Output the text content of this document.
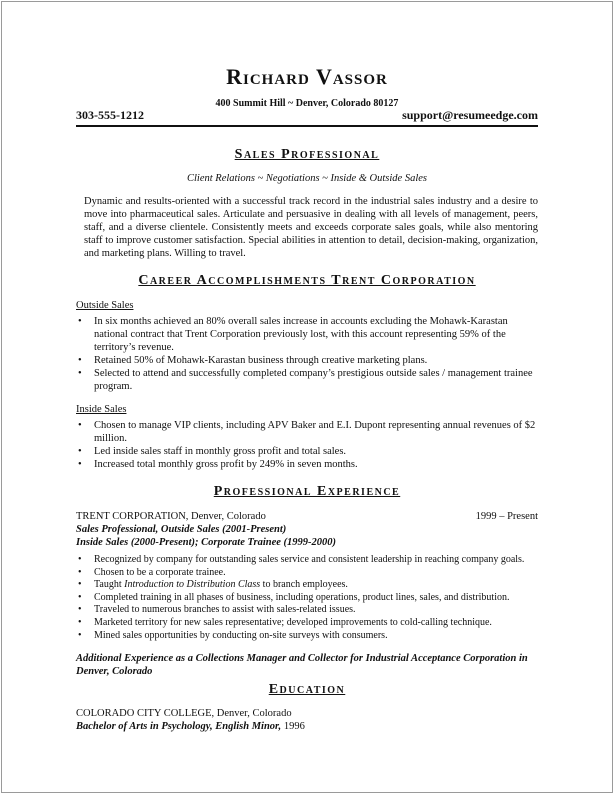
Richard Vassor
400 Summit Hill ~ Denver, Colorado 80127
303-555-1212	support@resumeedge.com
Sales Professional
Client Relations ~ Negotiations ~ Inside & Outside Sales
Dynamic and results-oriented with a successful track record in the industrial sales industry and a desire to move into pharmaceutical sales. Articulate and persuasive in dealing with all levels of management, peers, staff, and a diverse clientele. Consistently meets and exceeds corporate sales goals, while also mentoring staff to improve customer satisfaction. Special abilities in attention to detail, decision-making, organization, and marketing plans. Willing to travel.
Career Accomplishments Trent Corporation
Outside Sales
• In six months achieved an 80% overall sales increase in accounts excluding the Mohawk-Karastan national contract that Trent Corporation previously lost, with this account representing 59% of the territory’s revenue.
• Retained 50% of Mohawk-Karastan business through creative marketing plans.
• Selected to attend and successfully completed company’s prestigious outside sales / management trainee program.
Inside Sales
• Chosen to manage VIP clients, including APV Baker and E.I. Dupont representing annual revenues of $2 million.
• Led inside sales staff in monthly gross profit and total sales.
• Increased total monthly gross profit by 249% in seven months.
Professional Experience
TRENT CORPORATION, Denver, Colorado	1999 – Present
Sales Professional, Outside Sales (2001-Present)
Inside Sales (2000-Present); Corporate Trainee (1999-2000)
• Recognized by company for outstanding sales service and consistent leadership in reaching company goals.
• Chosen to be a corporate trainee.
• Taught Introduction to Distribution Class to branch employees.
• Completed training in all phases of business, including operations, product lines, sales, and distribution.
• Traveled to numerous branches to assist with sales-related issues.
• Marketed territory for new sales representative; developed improvements to cold-calling technique.
• Mined sales opportunities by conducting on-site surveys with consumers.
Additional Experience as a Collections Manager and Collector for Industrial Acceptance Corporation in Denver, Colorado
Education
COLORADO CITY COLLEGE, Denver, Colorado
Bachelor of Arts in Psychology, English Minor, 1996
